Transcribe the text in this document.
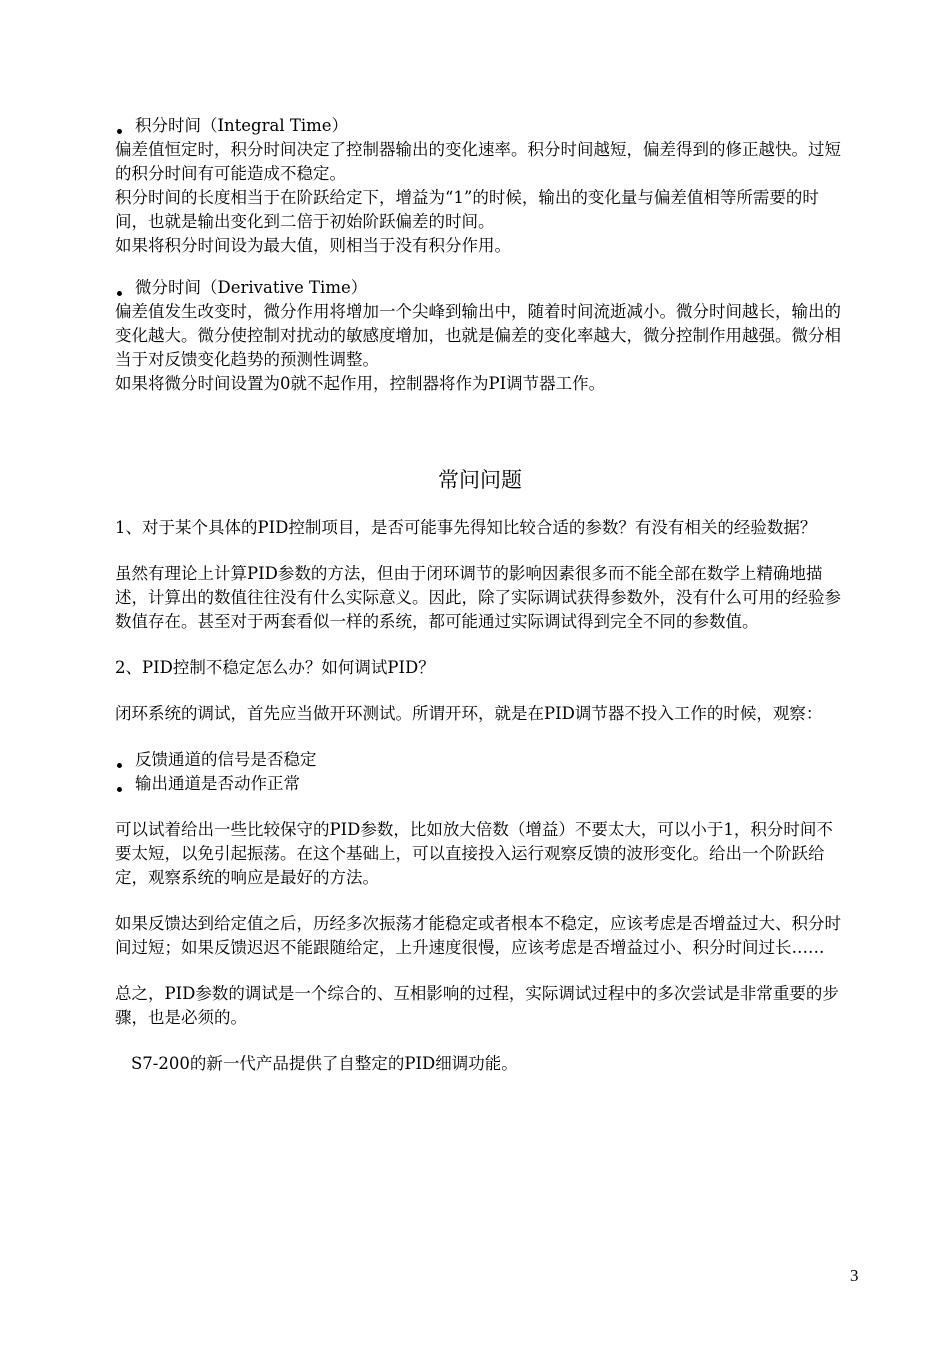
积分时间（Integral Time）

偏差值恒定时，积分时间决定了控制器输出的变化速率。积分时间越短，偏差得到的修正越快。过短的积分时间有可能造成不稳定。

积分时间的长度相当于在阶跃给定下，增益为“1”的时候，输出的变化量与偏差值相等所需要的时间，也就是输出变化到二倍于初始阶跃偏差的时间。

如果将积分时间设为最大值，则相当于没有积分作用。

微分时间（Derivative Time）

偏差值发生改变时，微分作用将增加一个尖峰到输出中，随着时间流逝减小。微分时间越长，输出的变化越大。微分使控制对扰动的敏感度增加，也就是偏差的变化率越大，微分控制作用越强。微分相当于对反馈变化趋势的预测性调整。

如果将微分时间设置为0就不起作用，控制器将作为PI调节器工作。

常问问题

1、对于某个具体的PID控制项目，是否可能事先得知比较合适的参数？有没有相关的经验数据？

虽然有理论上计算PID参数的方法，但由于闭环调节的影响因素很多而不能全部在数学上精确地描述，计算出的数值往往没有什么实际意义。因此，除了实际调试获得参数外，没有什么可用的经验参数值存在。甚至对于两套看似一样的系统，都可能通过实际调试得到完全不同的参数值。

2、PID控制不稳定怎么办？如何调试PID？

闭环系统的调试，首先应当做开环测试。所谓开环，就是在PID调节器不投入工作的时候，观察：

反馈通道的信号是否稳定
输出通道是否动作正常

可以试着给出一些比较保守的PID参数，比如放大倍数（增益）不要太大，可以小于1，积分时间不要太短，以免引起振荡。在这个基础上，可以直接投入运行观察反馈的波形变化。给出一个阶跃给定，观察系统的响应是最好的方法。

如果反馈达到给定值之后，历经多次振荡才能稳定或者根本不稳定，应该考虑是否增益过大、积分时间过短；如果反馈迟迟不能跟随给定，上升速度很慢，应该考虑是否增益过小、积分时间过长……

总之，PID参数的调试是一个综合的、互相影响的过程，实际调试过程中的多次尝试是非常重要的步骤，也是必须的。

S7-200的新一代产品提供了自整定的PID细调功能。

3
